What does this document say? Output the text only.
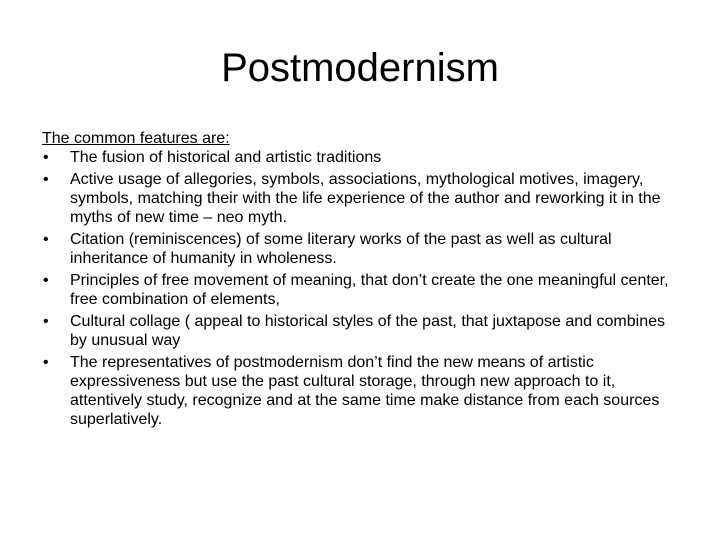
Postmodernism

The common features are:

• The fusion of historical and artistic traditions
• Active usage of allegories, symbols, associations, mythological motives, imagery, symbols, matching their with the life experience of the author and reworking it in the myths of new time – neo myth.
• Citation (reminiscences) of some literary works of the past as well as cultural inheritance of humanity in wholeness.
• Principles of free movement of meaning, that don’t create the one meaningful center, free combination of elements,
• Cultural collage ( appeal to historical styles of the past, that juxtapose and combines by unusual way
• The representatives of postmodernism don’t find the new means of artistic expressiveness but use the past cultural storage, through new approach to it, attentively study, recognize and at the same time make distance from each sources superlatively.
